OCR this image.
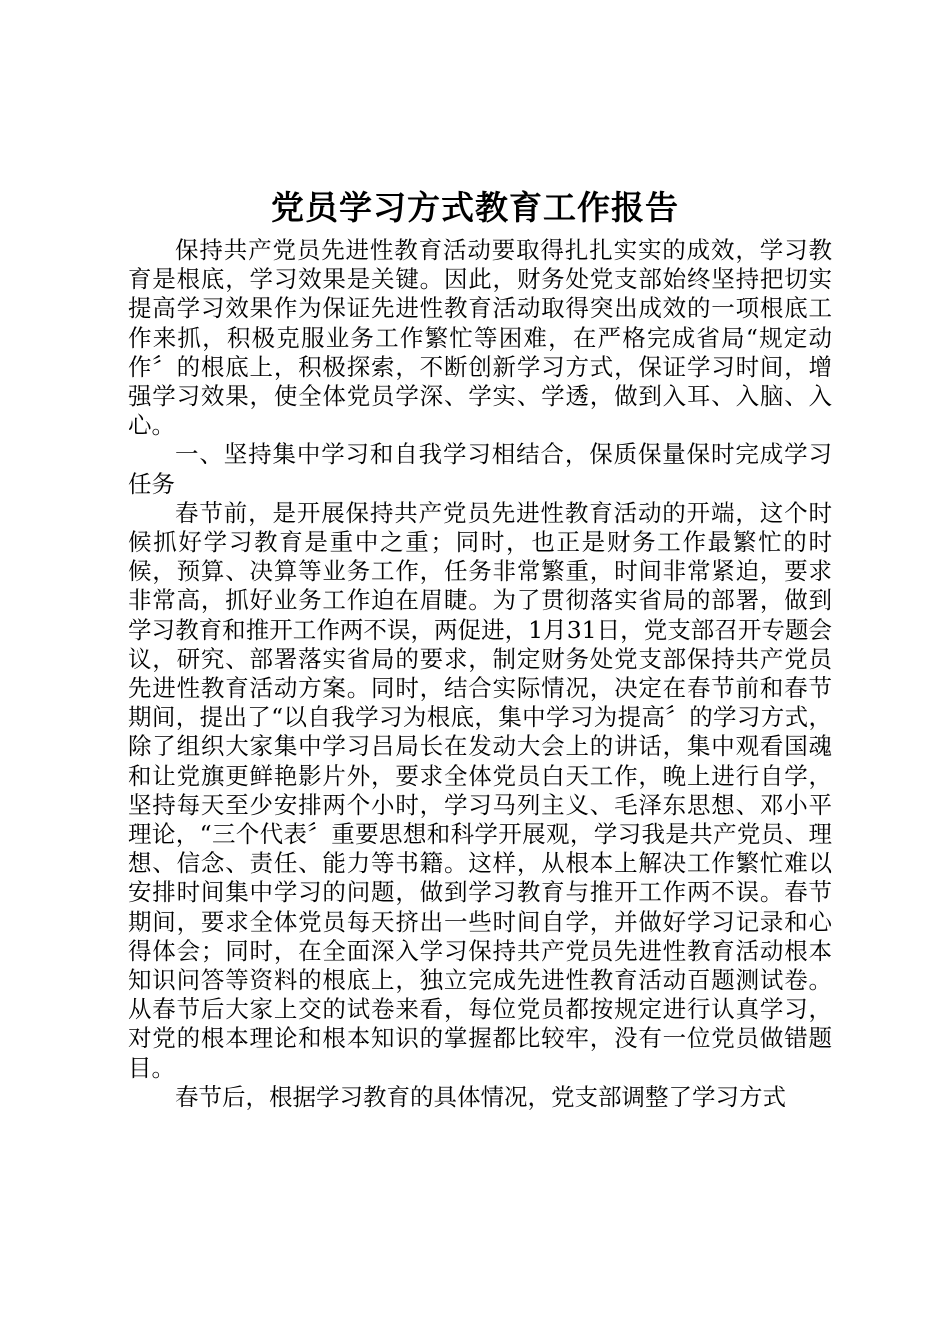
党员学习方式教育工作报告

保持共产党员先进性教育活动要取得扎扎实实的成效，学习教育是根底，学习效果是关键。因此，财务处党支部始终坚持把切实提高学习效果作为保证先进性教育活动取得突出成效的一项根底工作来抓，积极克服业务工作繁忙等困难，在严格完成省局“规定动作〞的根底上，积极探索，不断创新学习方式，保证学习时间，增强学习效果，使全体党员学深、学实、学透，做到入耳、入脑、入心。

一、坚持集中学习和自我学习相结合，保质保量保时完成学习任务

春节前，是开展保持共产党员先进性教育活动的开端，这个时候抓好学习教育是重中之重；同时，也正是财务工作最繁忙的时候，预算、决算等业务工作，任务非常繁重，时间非常紧迫，要求非常高，抓好业务工作迫在眉睫。为了贯彻落实省局的部署，做到学习教育和推开工作两不误，两促进，1月31日，党支部召开专题会议，研究、部署落实省局的要求，制定财务处党支部保持共产党员先进性教育活动方案。同时，结合实际情况，决定在春节前和春节期间，提出了“以自我学习为根底，集中学习为提高〞的学习方式，除了组织大家集中学习吕局长在发动大会上的讲话，集中观看国魂和让党旗更鲜艳影片外，要求全体党员白天工作，晚上进行自学，坚持每天至少安排两个小时，学习马列主义、毛泽东思想、邓小平理论，“三个代表〞重要思想和科学开展观，学习我是共产党员、理想、信念、责任、能力等书籍。这样，从根本上解决工作繁忙难以安排时间集中学习的问题，做到学习教育与推开工作两不误。春节期间，要求全体党员每天挤出一些时间自学，并做好学习记录和心得体会；同时，在全面深入学习保持共产党员先进性教育活动根本知识问答等资料的根底上，独立完成先进性教育活动百题测试卷。从春节后大家上交的试卷来看，每位党员都按规定进行认真学习，对党的根本理论和根本知识的掌握都比较牢，没有一位党员做错题目。

春节后，根据学习教育的具体情况，党支部调整了学习方式
